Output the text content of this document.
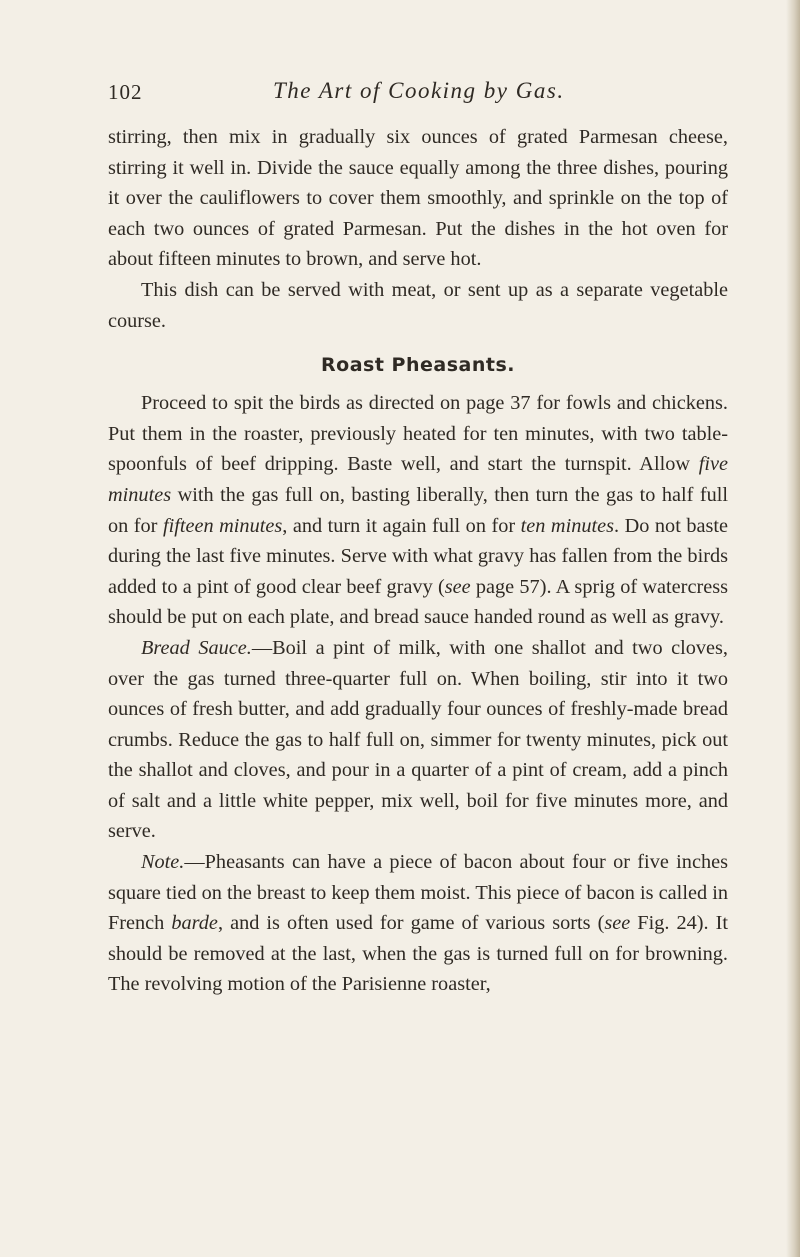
102	The Art of Cooking by Gas.

stirring, then mix in gradually six ounces of grated Parmesan cheese, stirring it well in. Divide the sauce equally among the three dishes, pouring it over the cauliflowers to cover them smoothly, and sprinkle on the top of each two ounces of grated Parmesan. Put the dishes in the hot oven for about fifteen minutes to brown, and serve hot.

This dish can be served with meat, or sent up as a separate vegetable course.

Roast Pheasants.

Proceed to spit the birds as directed on page 37 for fowls and chickens. Put them in the roaster, previously heated for ten minutes, with two table-spoonfuls of beef dripping. Baste well, and start the turnspit. Allow five minutes with the gas full on, basting liberally, then turn the gas to half full on for fifteen minutes, and turn it again full on for ten minutes. Do not baste during the last five minutes. Serve with what gravy has fallen from the birds added to a pint of good clear beef gravy (see page 57). A sprig of watercress should be put on each plate, and bread sauce handed round as well as gravy.

Bread Sauce.—Boil a pint of milk, with one shallot and two cloves, over the gas turned three-quarter full on. When boiling, stir into it two ounces of fresh butter, and add gradually four ounces of freshly-made bread crumbs. Reduce the gas to half full on, simmer for twenty minutes, pick out the shallot and cloves, and pour in a quarter of a pint of cream, add a pinch of salt and a little white pepper, mix well, boil for five minutes more, and serve.

Note.—Pheasants can have a piece of bacon about four or five inches square tied on the breast to keep them moist. This piece of bacon is called in French barde, and is often used for game of various sorts (see Fig. 24). It should be removed at the last, when the gas is turned full on for browning. The revolving motion of the Parisienne roaster,
